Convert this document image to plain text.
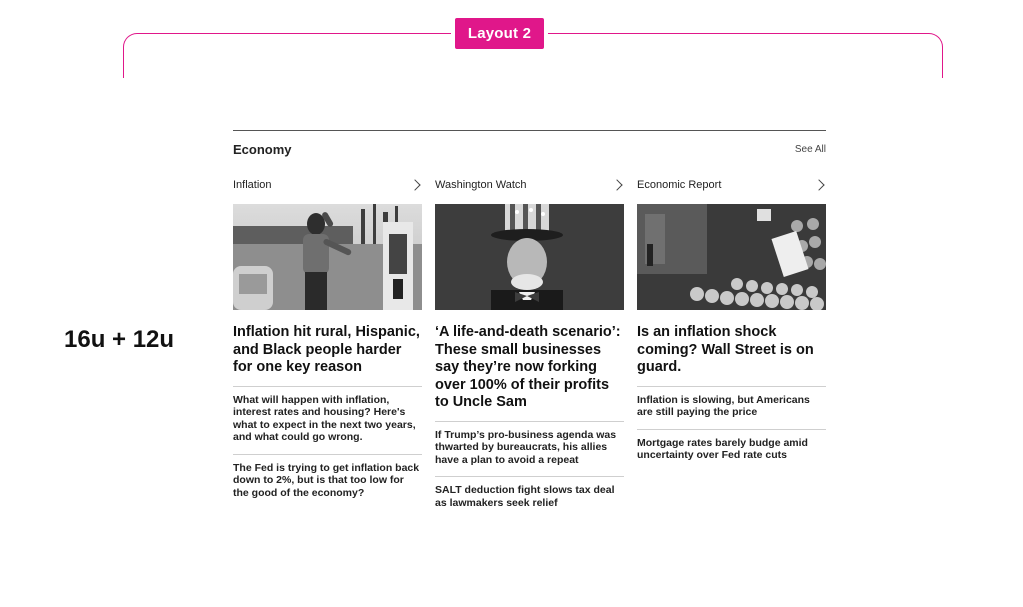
Layout 2
16u + 12u
Economy	See All
Inflation
Inflation hit rural, Hispanic, and Black people harder for one key reason
What will happen with inflation, interest rates and housing? Here's what to expect in the next two years, and what could go wrong.
The Fed is trying to get inflation back down to 2%, but is that too low for the good of the economy?
Washington Watch
‘A life-and-death scenario’: These small businesses say they’re now forking over 100% of their profits to Uncle Sam
If Trump’s pro-business agenda was thwarted by bureaucrats, his allies have a plan to avoid a repeat
SALT deduction fight slows tax deal as lawmakers seek relief
Economic Report
Is an inflation shock coming? Wall Street is on guard.
Inflation is slowing, but Americans are still paying the price
Mortgage rates barely budge amid uncertainty over Fed rate cuts
